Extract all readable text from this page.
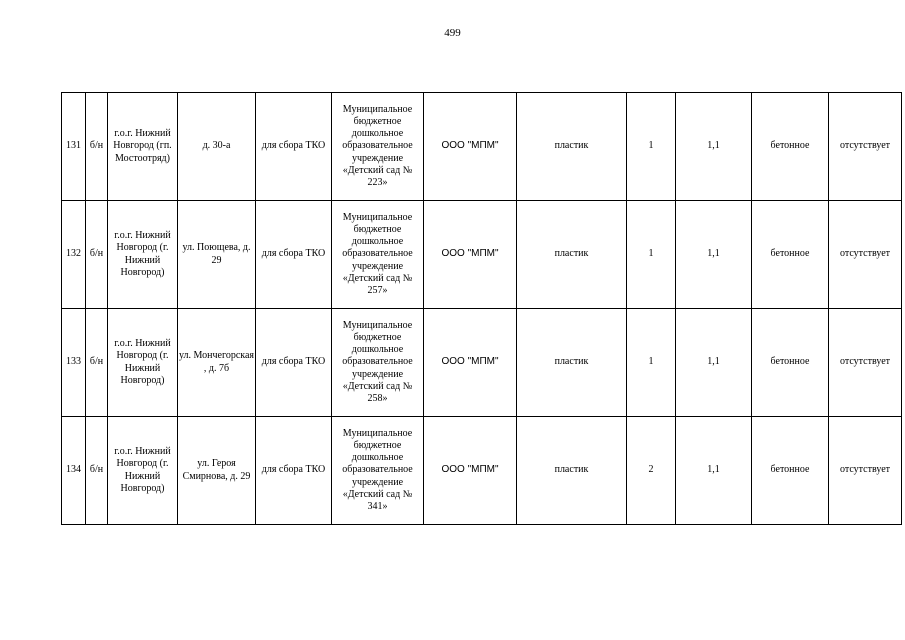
499
131	б/н	г.о.г. Нижний Новгород (гп. Мостоотряд)	д. 30-а	для сбора ТКО	Муниципальное бюджетное дошкольное образовательное учреждение «Детский сад № 223»	ООО "МПМ"	пластик	1	1,1	бетонное	отсутствует
132	б/н	г.о.г. Нижний Новгород (г. Нижний Новгород)	ул. Поющева, д. 29	для сбора ТКО	Муниципальное бюджетное дошкольное образовательное учреждение «Детский сад № 257»	ООО "МПМ"	пластик	1	1,1	бетонное	отсутствует
133	б/н	г.о.г. Нижний Новгород (г. Нижний Новгород)	ул. Мончегорская , д. 7б	для сбора ТКО	Муниципальное бюджетное дошкольное образовательное учреждение «Детский сад № 258»	ООО "МПМ"	пластик	1	1,1	бетонное	отсутствует
134	б/н	г.о.г. Нижний Новгород (г. Нижний Новгород)	ул. Героя Смирнова, д. 29	для сбора ТКО	Муниципальное бюджетное дошкольное образовательное учреждение «Детский сад № 341»	ООО "МПМ"	пластик	2	1,1	бетонное	отсутствует
